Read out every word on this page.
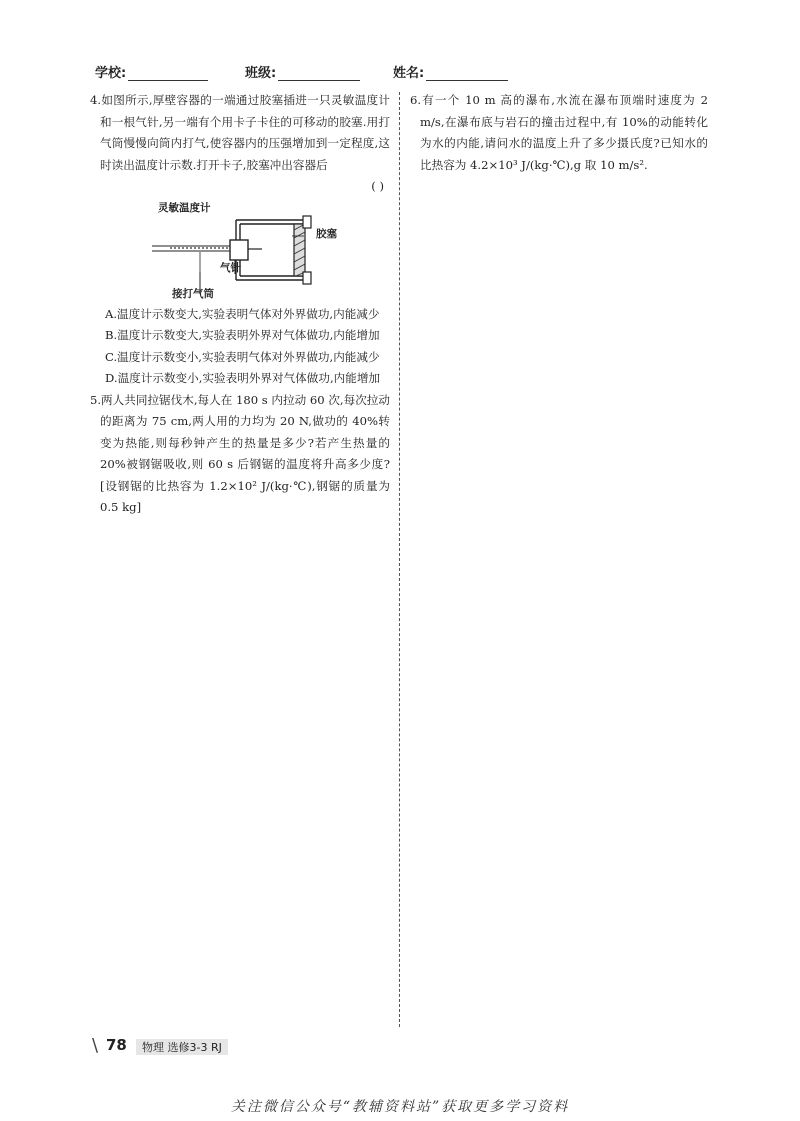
学校:	班级:	姓名:

4.如图所示,厚壁容器的一端通过胶塞插进一只灵敏温度计和一根气针,另一端有个用卡子卡住的可移动的胶塞.用打气筒慢慢向筒内打气,使容器内的压强增加到一定程度,这时读出温度计示数.打开卡子,胶塞冲出容器后

( )
灵敏温度计
气针
接打气筒
胶塞

A.温度计示数变大,实验表明气体对外界做功,内能减少

B.温度计示数变大,实验表明外界对气体做功,内能增加

C.温度计示数变小,实验表明气体对外界做功,内能减少

D.温度计示数变小,实验表明外界对气体做功,内能增加

5.两人共同拉锯伐木,每人在 180 s 内拉动 60 次,每次拉动的距离为 75 cm,两人用的力均为 20 N,做功的 40%转变为热能,则每秒钟产生的热量是多少?若产生热量的 20%被钢锯吸收,则 60 s 后钢锯的温度将升高多少度?[设钢锯的比热容为 1.2×10² J/(kg·℃),钢锯的质量为0.5 kg]

6.有一个 10 m 高的瀑布,水流在瀑布顶端时速度为 2 m/s,在瀑布底与岩石的撞击过程中,有 10%的动能转化为水的内能,请问水的温度上升了多少摄氏度?已知水的比热容为 4.2×10³ J/(kg·℃),g 取 10 m/s².

\ 78	物理 选修3-3 RJ
关注微信公众号“教辅资料站”获取更多学习资料
